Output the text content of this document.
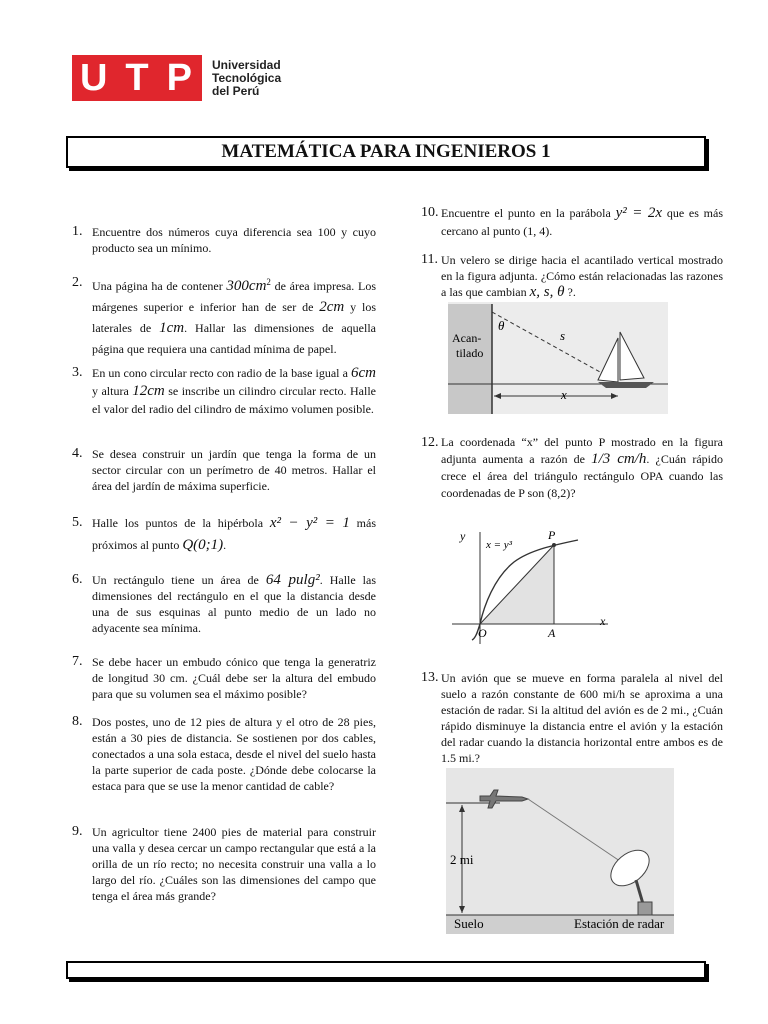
U T P Universidad
Tecnológica
del Perú
MATEMÁTICA PARA INGENIEROS 1
1. Encuentre dos números cuya diferencia sea 100 y cuyo producto sea un mínimo.
2. Una página ha de contener $300cm^2$ de área impresa. Los márgenes superior e inferior han de ser de 2cm y los laterales de 1cm. Hallar las dimensiones de aquella página que requiera una cantidad mínima de papel.
3. En un cono circular recto con radio de la base igual a 6cm y altura 12cm se inscribe un cilindro circular recto. Halle el valor del radio del cilindro de máximo volumen posible.
4. Se desea construir un jardín que tenga la forma de un sector circular con un perímetro de 40 metros. Hallar el área del jardín de máxima superficie.
5. Halle los puntos de la hipérbola x² − y² = 1 más próximos al punto Q(0;1).
6. Un rectángulo tiene un área de 64 pulg². Halle las dimensiones del rectángulo en el que la distancia desde una de sus esquinas al punto medio de un lado no adyacente sea mínima.
7. Se debe hacer un embudo cónico que tenga la generatriz de longitud 30 cm. ¿Cuál debe ser la altura del embudo para que su volumen sea el máximo posible?
8. Dos postes, uno de 12 pies de altura y el otro de 28 pies, están a 30 pies de distancia. Se sostienen por dos cables, conectados a una sola estaca, desde el nivel del suelo hasta la parte superior de cada poste. ¿Dónde debe colocarse la estaca para que se use la menor cantidad de cable?
9. Un agricultor tiene 2400 pies de material para construir una valla y desea cercar un campo rectangular que está a la orilla de un río recto; no necesita construir una valla a lo largo del río. ¿Cuáles son las dimensiones del campo que tenga el área más grande?
10. Encuentre el punto en la parábola y² = 2x que es más cercano al punto (1, 4).
11. Un velero se dirige hacia el acantilado vertical mostrado en la figura adjunta. ¿Cómo están relacionadas las razones a las que cambian x, s, θ ?.
12. La coordenada “x” del punto P mostrado en la figura adjunta aumenta a razón de 1/3 cm/h. ¿Cuán rápido crece el área del triángulo rectángulo OPA cuando las coordenadas de P son (8,2)?
13. Un avión que se mueve en forma paralela al nivel del suelo a razón constante de 600 mi/h se aproxima a una estación de radar. Si la altitud del avión es de 2 mi., ¿Cuán rápido disminuye la distancia entre el avión y la estación del radar cuando la distancia horizontal entre ambos es de 1.5 mi.?
Acan-
tilado
θ
s
x
y
x = y³
P
O	A
x
2 mi
Suelo	Estación de radar
